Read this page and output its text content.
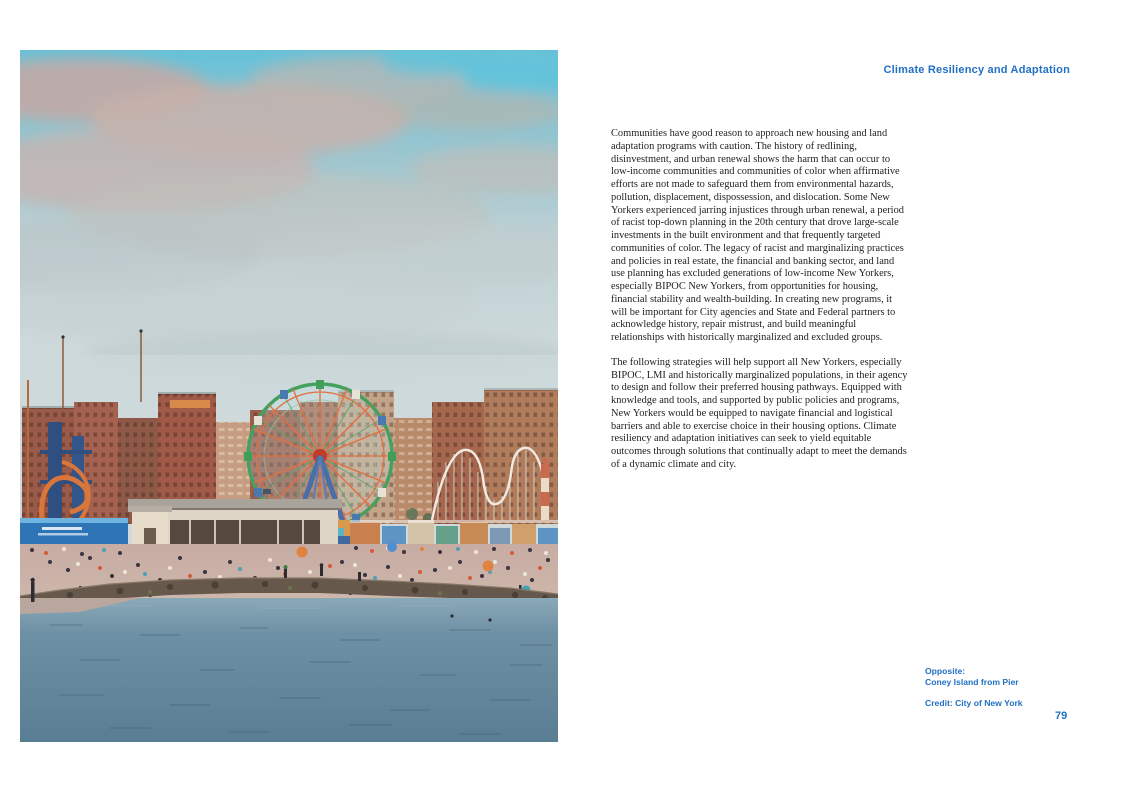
Climate Resiliency and Adaptation

Communities have good reason to approach new housing and land adaptation programs with caution. The history of redlining, disinvestment, and urban renewal shows the harm that can occur to low-income communities and communities of color when affirmative efforts are not made to safeguard them from environmental hazards, pollution, displacement, dispossession, and dislocation. Some New Yorkers experienced jarring injustices through urban renewal, a period of racist top-down planning in the 20th century that drove large-scale investments in the built environment and that frequently targeted communities of color. The legacy of racist and marginalizing practices and policies in real estate, the financial and banking sector, and land use planning has excluded generations of low-income New Yorkers, especially BIPOC New Yorkers, from opportunities for housing, financial stability and wealth-building. In creating new programs, it will be important for City agencies and State and Federal partners to acknowledge history, repair mistrust, and build meaningful relationships with historically marginalized and excluded groups.

The following strategies will help support all New Yorkers, especially BIPOC, LMI and historically marginalized populations, in their agency to design and follow their preferred housing pathways. Equipped with knowledge and tools, and supported by public policies and programs, New Yorkers would be equipped to navigate financial and logistical barriers and able to exercise choice in their housing options. Climate resiliency and adaptation initiatives can seek to yield equitable outcomes through solutions that continually adapt to meet the demands of a dynamic climate and city.

Opposite:
Coney Island from Pier
Credit: City of New York
79
